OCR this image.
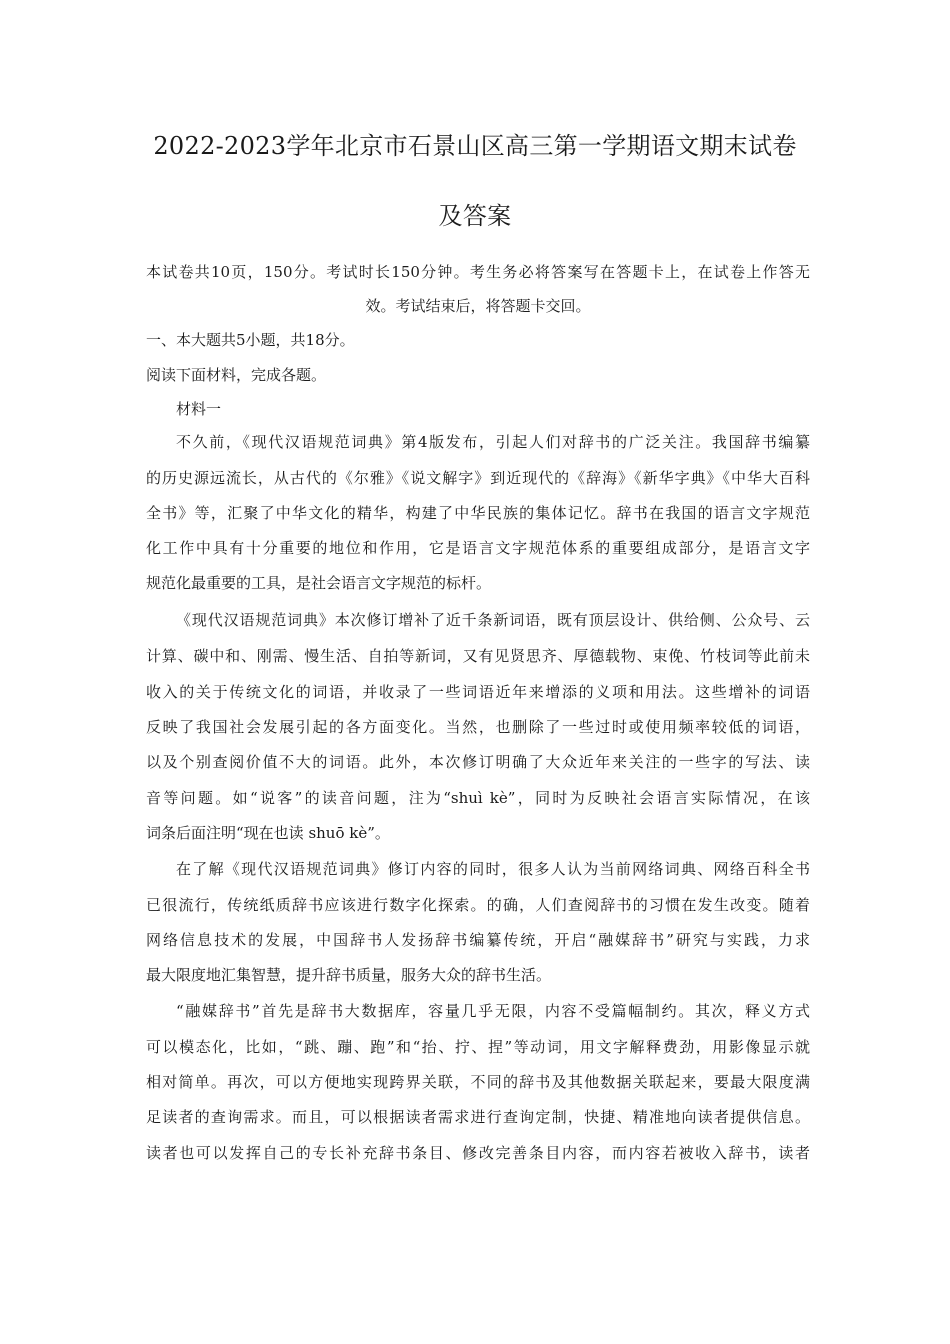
2022-2023学年北京市石景山区高三第一学期语文期末试卷
及答案
本试卷共10页，150分。考试时长150分钟。考生务必将答案写在答题卡上，在试卷上作答无
效。考试结束后，将答题卡交回。
一、本大题共5小题，共18分。
阅读下面材料，完成各题。
材料一
不久前，《现代汉语规范词典》第4版发布，引起人们对辞书的广泛关注。我国辞书编纂
的历史源远流长，从古代的《尔雅》《说文解字》到近现代的《辞海》《新华字典》《中华大百科
全书》等，汇聚了中华文化的精华，构建了中华民族的集体记忆。辞书在我国的语言文字规范
化工作中具有十分重要的地位和作用，它是语言文字规范体系的重要组成部分，是语言文字
规范化最重要的工具，是社会语言文字规范的标杆。
《现代汉语规范词典》本次修订增补了近千条新词语，既有顶层设计、供给侧、公众号、云
计算、碳中和、刚需、慢生活、自拍等新词，又有见贤思齐、厚德载物、束俛、竹枝词等此前未
收入的关于传统文化的词语，并收录了一些词语近年来增添的义项和用法。这些增补的词语
反映了我国社会发展引起的各方面变化。当然，也删除了一些过时或使用频率较低的词语，
以及个别查阅价值不大的词语。此外，本次修订明确了大众近年来关注的一些字的写法、读
音等问题。如“说客”的读音问题，注为“shuì kè”，同时为反映社会语言实际情况，在该
词条后面注明“现在也读 shuō kè”。
在了解《现代汉语规范词典》修订内容的同时，很多人认为当前网络词典、网络百科全书
已很流行，传统纸质辞书应该进行数字化探索。的确，人们查阅辞书的习惯在发生改变。随着
网络信息技术的发展，中国辞书人发扬辞书编纂传统，开启“融媒辞书”研究与实践，力求
最大限度地汇集智慧，提升辞书质量，服务大众的辞书生活。
“融媒辞书”首先是辞书大数据库，容量几乎无限，内容不受篇幅制约。其次，释义方式
可以模态化，比如，“跳、蹦、跑”和“抬、拧、捏”等动词，用文字解释费劲，用影像显示就
相对简单。再次，可以方便地实现跨界关联，不同的辞书及其他数据关联起来，要最大限度满
足读者的查询需求。而且，可以根据读者需求进行查询定制，快捷、精准地向读者提供信息。
读者也可以发挥自己的专长补充辞书条目、修改完善条目内容，而内容若被收入辞书，读者
